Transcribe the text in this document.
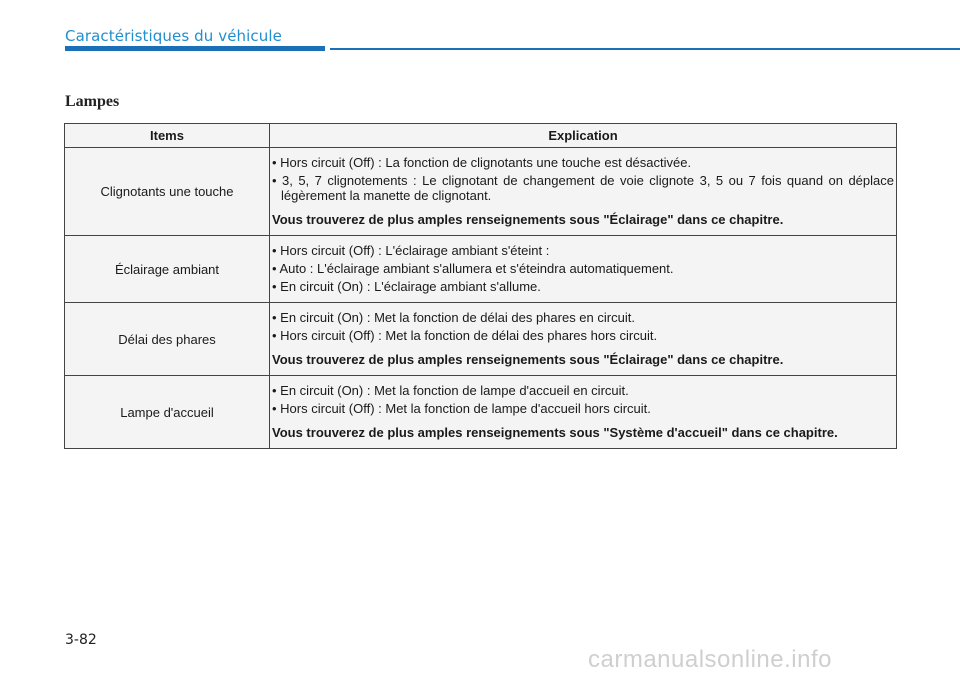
Caractéristiques du véhicule
Lampes
Items	Explication
Clignotants une touche	• Hors circuit (Off) : La fonction de clignotants une touche est désactivée.
• 3, 5, 7 clignotements : Le clignotant de changement de voie clignote 3, 5 ou 7 fois quand on déplace légèrement la manette de clignotant.
Vous trouverez de plus amples renseignements sous "Éclairage" dans ce chapitre.

Éclairage ambiant	• Hors circuit (Off) : L'éclairage ambiant s'éteint :
• Auto : L'éclairage ambiant s'allumera et s'éteindra automatiquement.
• En circuit (On) : L'éclairage ambiant s'allume.

Délai des phares	• En circuit (On) : Met la fonction de délai des phares en circuit.
• Hors circuit (Off) : Met la fonction de délai des phares hors circuit.
Vous trouverez de plus amples renseignements sous "Éclairage" dans ce chapitre.

Lampe d'accueil	• En circuit (On) : Met la fonction de lampe d'accueil en circuit.
• Hors circuit (Off) : Met la fonction de lampe d'accueil hors circuit.
Vous trouverez de plus amples renseignements sous "Système d'accueil" dans ce chapitre.
3-82
carmanualsonline.info
